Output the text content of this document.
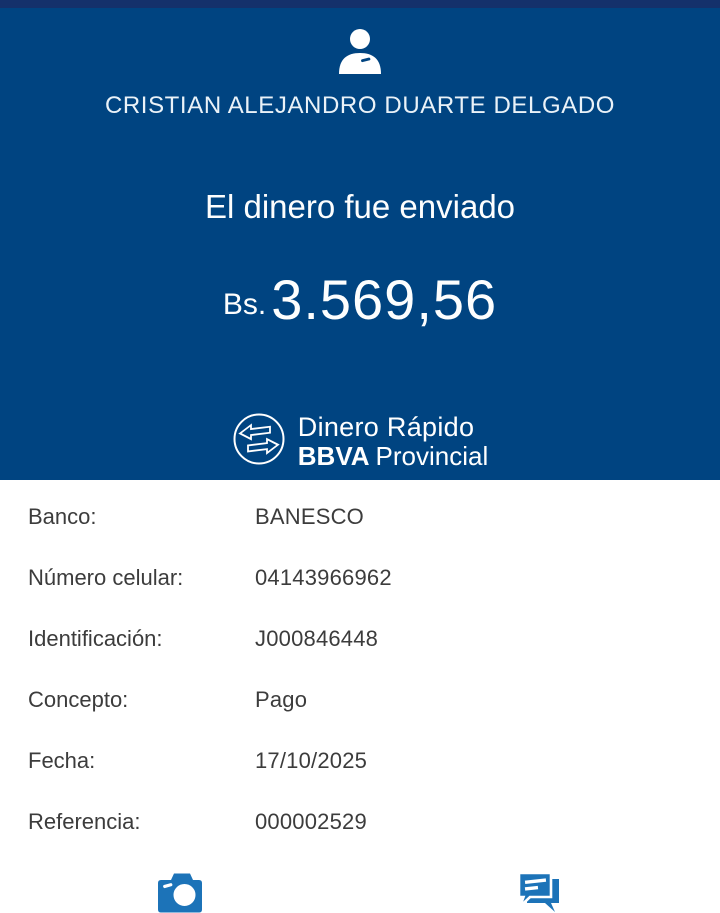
CRISTIAN ALEJANDRO DUARTE DELGADO
El dinero fue enviado
Bs. 3.569,56
Dinero Rápido
BBVA Provincial
Banco:	BANESCO
Número celular:	04143966962
Identificación:	J000846448
Concepto:	Pago
Fecha:	17/10/2025
Referencia:	000002529
